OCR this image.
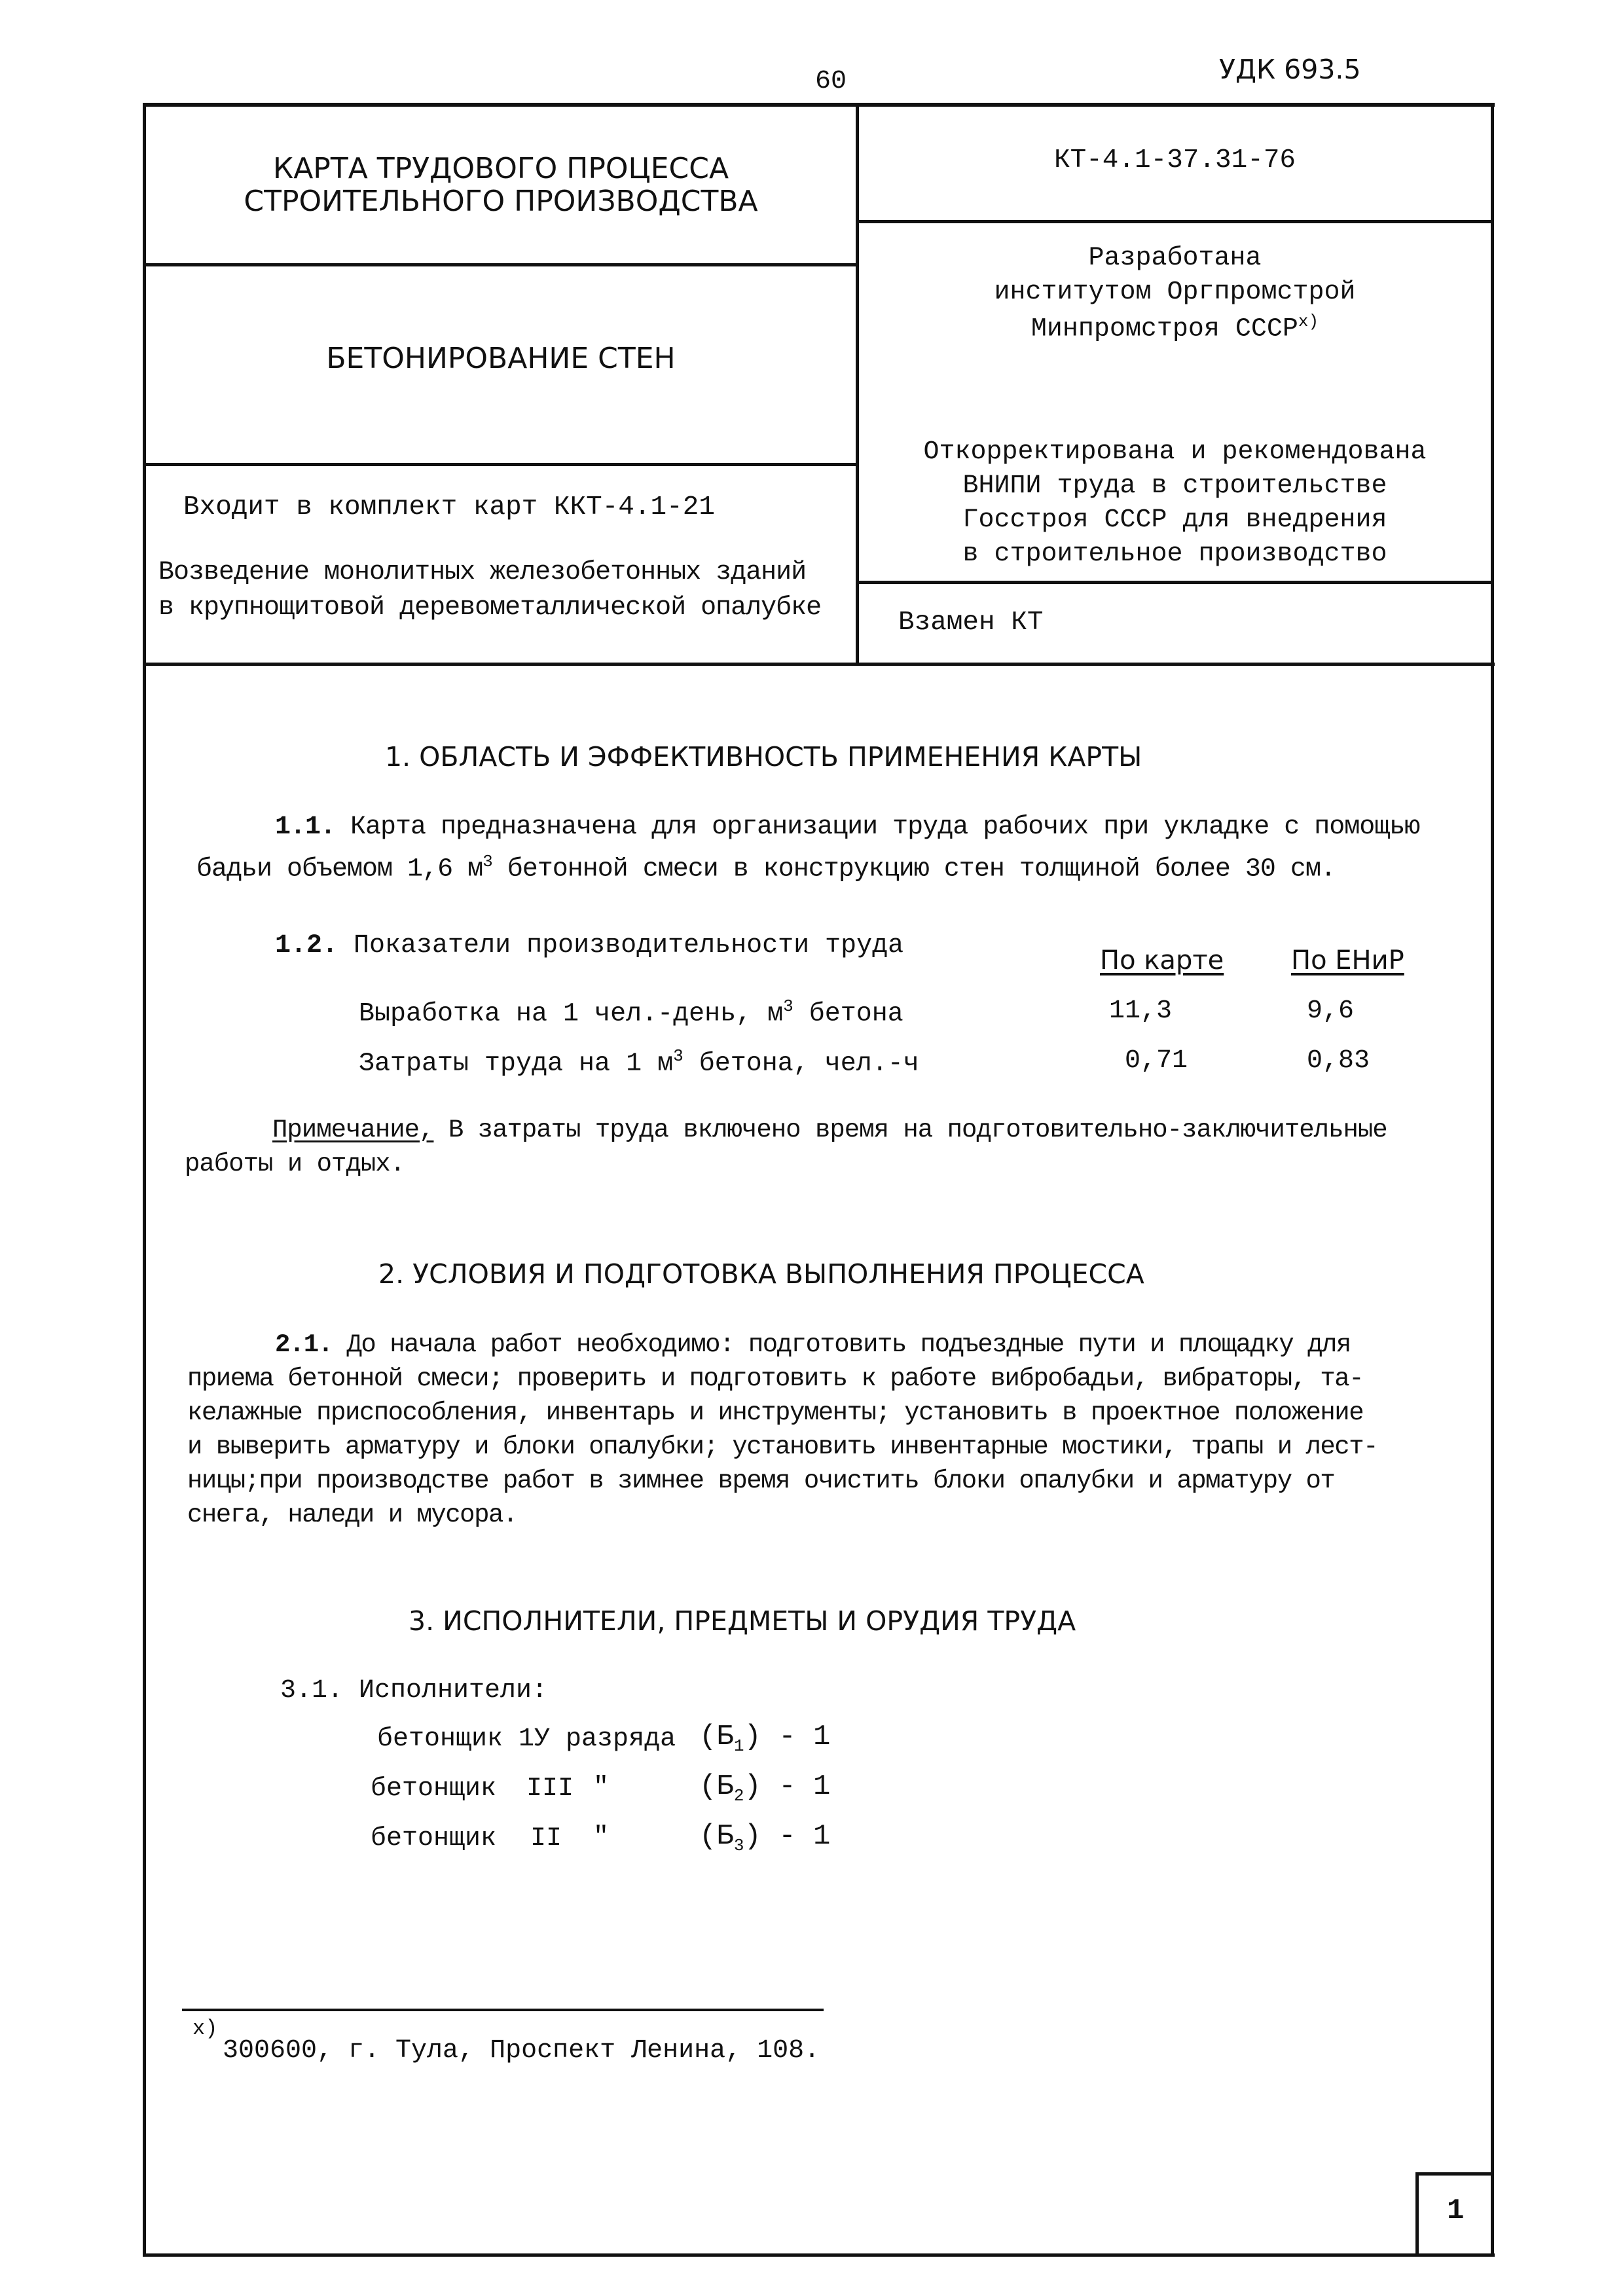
60	УДК 693.5
КАРТА ТРУДОВОГО ПРОЦЕССА
СТРОИТЕЛЬНОГО ПРОИЗВОДСТВА
БЕТОНИРОВАНИЕ СТЕН
Входит в комплект карт ККТ-4.1-21
Возведение монолитных железобетонных зданий
в крупнощитовой деревометаллической опалубке
КТ-4.1-37.31-76
Разработана
институтом Оргпромстрой
Минпромстроя СССР$^{x)}$
Откорректирована и рекомендована
ВНИПИ труда в строительстве
Госстроя СССР для внедрения
в строительное производство
Взамен КТ
1. ОБЛАСТЬ И ЭФФЕКТИВНОСТЬ ПРИМЕНЕНИЯ КАРТЫ
1.1. Карта предназначена для организации труда рабочих при укладке с помощью
бадьи объемом 1,6 $м^3$ бетонной смеси в конструкцию стен толщиной более 30 см.
1.2. Показатели производительности труда	По карте	По ЕНиР
Выработка на 1 чел.-день, $м^3$ бетона	11,3	9,6
Затраты труда на 1 $м^3$ бетона, чел.-ч	0,71	0,83
Примечание, В затраты труда включено время на подготовительно-заключительные
работы и отдых.
2. УСЛОВИЯ И ПОДГОТОВКА ВЫПОЛНЕНИЯ ПРОЦЕССА
2.1. До начала работ необходимо: подготовить подъездные пути и площадку для
приема бетонной смеси; проверить и подготовить к работе вибробадьи, вибраторы, та-
келажные приспособления, инвентарь и инструменты; установить в проектное положение
и выверить арматуру и блоки опалубки; установить инвентарные мостики, трапы и лест-
ницы;при производстве работ в зимнее время очистить блоки опалубки и арматуру от
снега, наледи и мусора.
3. ИСПОЛНИТЕЛИ, ПРЕДМЕТЫ И ОРУДИЯ ТРУДА
3.1. Исполнители:
бетонщик 1У разряда $(Б_1) - 1$
бетонщик III ″	$(Б_2) - 1$
бетонщик II ″	$(Б_3) - 1$
x)
300600, г. Тула, Проспект Ленина, 108.
1
